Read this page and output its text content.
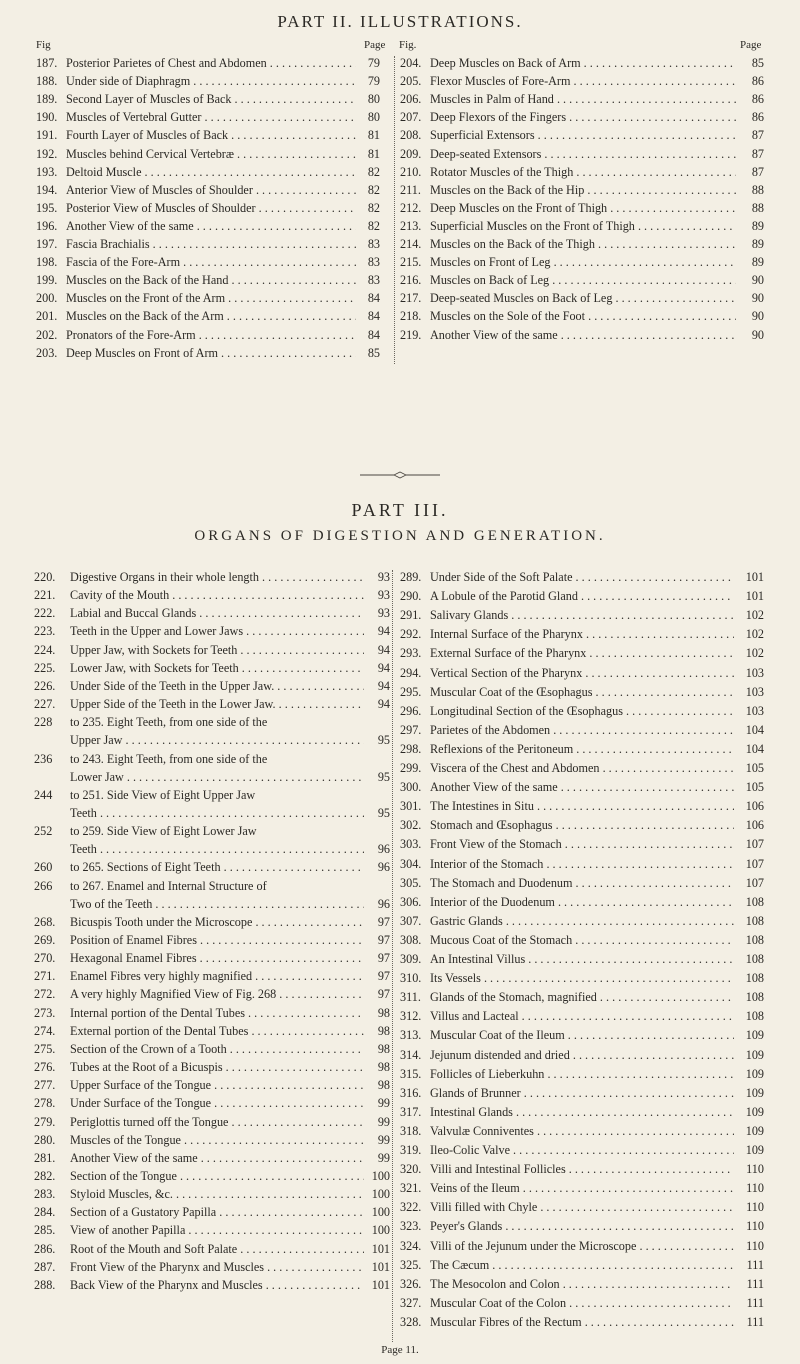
PART II. ILLUSTRATIONS.
Fig	Page Fig.	Page
187. Posterior Parietes of Chest and Abdomen . . .	79
188. Under side of Diaphragm . . .	79
189. Second Layer of Muscles of Back . . .	80
190. Muscles of Vertebral Gutter . . .	80
191. Fourth Layer of Muscles of Back . . .	81
192. Muscles behind Cervical Vertebræ . . .	81
193. Deltoid Muscle . . .	82
194. Anterior View of Muscles of Shoulder . . .	82
195. Posterior View of Muscles of Shoulder . . .	82
196. Another View of the same . . .	82
197. Fascia Brachialis . . .	83
198. Fascia of the Fore-Arm . . .	83
199. Muscles on the Back of the Hand . . .	83
200. Muscles on the Front of the Arm . . .	84
201. Muscles on the Back of the Arm . . .	84
202. Pronators of the Fore-Arm . . .	84
203. Deep Muscles on Front of Arm . . .	85
204. Deep Muscles on Back of Arm . . .	85
205. Flexor Muscles of Fore-Arm . . .	86
206. Muscles in Palm of Hand . . .	86
207. Deep Flexors of the Fingers . . .	86
208. Superficial Extensors . . .	87
209. Deep-seated Extensors . . .	87
210. Rotator Muscles of the Thigh . . .	87
211. Muscles on the Back of the Hip . . .	88
212. Deep Muscles on the Front of Thigh . . .	88
213. Superficial Muscles on the Front of Thigh . . .	89
214. Muscles on the Back of the Thigh . . .	89
215. Muscles on Front of Leg . . .	89
216. Muscles on Back of Leg . . .	90
217. Deep-seated Muscles on Back of Leg . . .	90
218. Muscles on the Sole of the Foot . . .	90
219. Another View of the same . . .	90
PART III.
ORGANS OF DIGESTION AND GENERATION.
220. Digestive Organs in their whole length . . .	93
221. Cavity of the Mouth . . .	93
222. Labial and Buccal Glands . . .	93
223. Teeth in the Upper and Lower Jaws . . .	94
224. Upper Jaw, with Sockets for Teeth . . .	94
225. Lower Jaw, with Sockets for Teeth . . .	94
226. Under Side of the Teeth in the Upper Jaw. . . .	94
227. Upper Side of the Teeth in the Lower Jaw. . . .	94
228 to 235. Eight Teeth, from one side of the
Upper Jaw . . .	95
236 to 243. Eight Teeth, from one side of the
Lower Jaw . . .	95
244 to 251. Side View of Eight Upper Jaw
Teeth . . .	95
252 to 259. Side View of Eight Lower Jaw
Teeth . . .	96
260 to 265. Sections of Eight Teeth . . .	96
266 to 267. Enamel and Internal Structure of
Two of the Teeth . . .	96
268. Bicuspis Tooth under the Microscope . . .	97
269. Position of Enamel Fibres . . .	97
270. Hexagonal Enamel Fibres . . .	97
271. Enamel Fibres very highly magnified . . .	97
272. A very highly Magnified View of Fig. 268 . . .	97
273. Internal portion of the Dental Tubes . . .	98
274. External portion of the Dental Tubes . . .	98
275. Section of the Crown of a Tooth . . .	98
276. Tubes at the Root of a Bicuspis . . .	98
277. Upper Surface of the Tongue . . .	98
278. Under Surface of the Tongue . . .	99
279. Periglottis turned off the Tongue . . .	99
280. Muscles of the Tongue . . .	99
281. Another View of the same . . .	99
282. Section of the Tongue . . .	100
283. Styloid Muscles, &c. . . .	100
284. Section of a Gustatory Papilla . . .	100
285. View of another Papilla . . .	100
286. Root of the Mouth and Soft Palate . . .	101
287. Front View of the Pharynx and Muscles . . .	101
288. Back View of the Pharynx and Muscles . . .	101
289. Under Side of the Soft Palate . . .	101
290. A Lobule of the Parotid Gland . . .	101
291. Salivary Glands . . .	102
292. Internal Surface of the Pharynx . . .	102
293. External Surface of the Pharynx . . .	102
294. Vertical Section of the Pharynx . . .	103
295. Muscular Coat of the Œsophagus . . .	103
296. Longitudinal Section of the Œsophagus . . .	103
297. Parietes of the Abdomen . . .	104
298. Reflexions of the Peritoneum . . .	104
299. Viscera of the Chest and Abdomen . . .	105
300. Another View of the same . . .	105
301. The Intestines in Situ . . .	106
302. Stomach and Œsophagus . . .	106
303. Front View of the Stomach . . .	107
304. Interior of the Stomach . . .	107
305. The Stomach and Duodenum . . .	107
306. Interior of the Duodenum . . .	108
307. Gastric Glands . . .	108
308. Mucous Coat of the Stomach . . .	108
309. An Intestinal Villus . . .	108
310. Its Vessels . . .	108
311. Glands of the Stomach, magnified . . .	108
312. Villus and Lacteal . . .	108
313. Muscular Coat of the Ileum . . .	109
314. Jejunum distended and dried . . .	109
315. Follicles of Lieberkuhn . . .	109
316. Glands of Brunner . . .	109
317. Intestinal Glands . . .	109
318. Valvulæ Conniventes . . .	109
319. Ileo-Colic Valve . . .	109
320. Villi and Intestinal Follicles . . .	110
321. Veins of the Ileum . . .	110
322. Villi filled with Chyle . . .	110
323. Peyer's Glands . . .	110
324. Villi of the Jejunum under the Microscope . . .	110
325. The Cæcum . . .	111
326. The Mesocolon and Colon . . .	111
327. Muscular Coat of the Colon . . .	111
328. Muscular Fibres of the Rectum . . .	111
Page 11.
